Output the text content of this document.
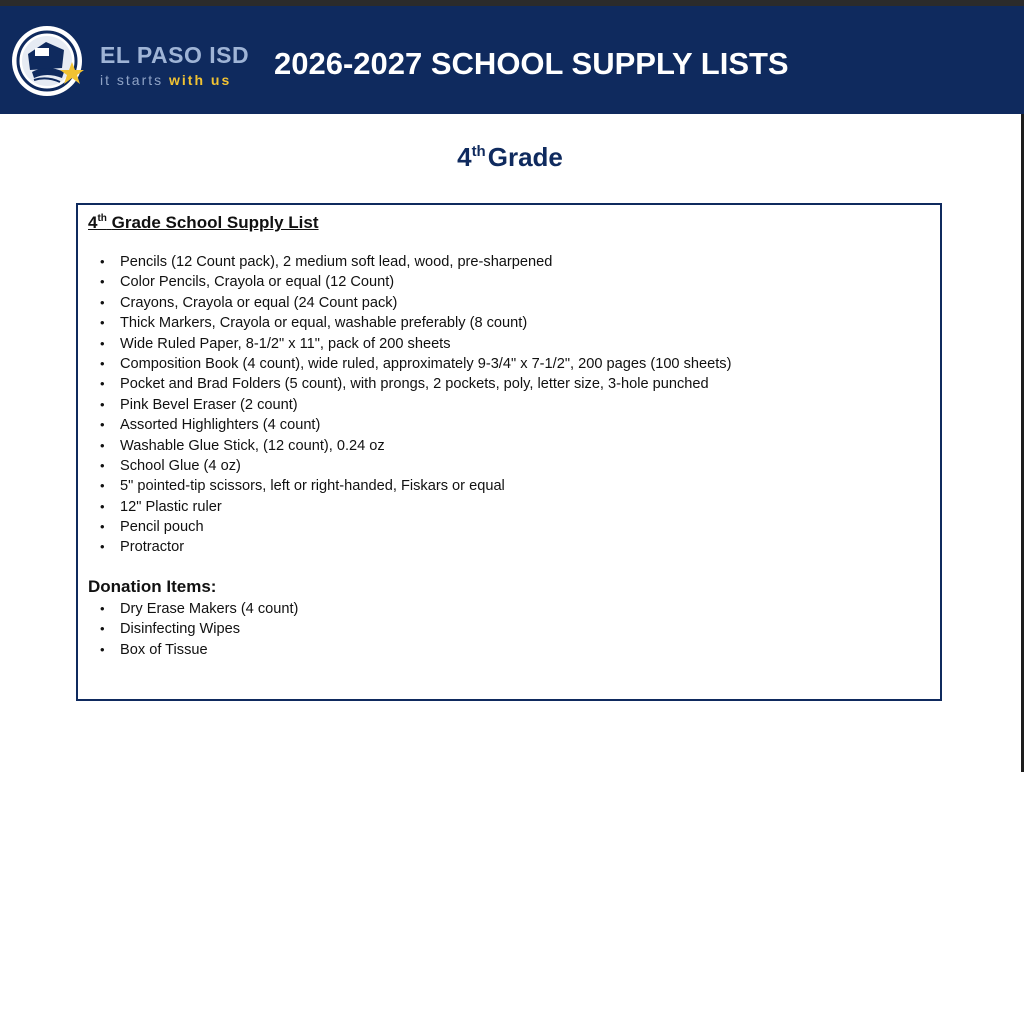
EL PASO ISD
it starts with us 2026-2027 SCHOOL SUPPLY LISTS
4thGrade
4th Grade School Supply List
• Pencils (12 Count pack), 2 medium soft lead, wood, pre-sharpened
• Color Pencils, Crayola or equal (12 Count)
• Crayons, Crayola or equal (24 Count pack)
• Thick Markers, Crayola or equal, washable preferably (8 count)
• Wide Ruled Paper, 8-1/2" x 11", pack of 200 sheets
• Composition Book (4 count), wide ruled, approximately 9-3/4" x 7-1/2", 200 pages (100 sheets)
• Pocket and Brad Folders (5 count), with prongs, 2 pockets, poly, letter size, 3-hole punched
• Pink Bevel Eraser (2 count)
• Assorted Highlighters (4 count)
• Washable Glue Stick, (12 count), 0.24 oz
• School Glue (4 oz)
• 5" pointed-tip scissors, left or right-handed, Fiskars or equal
• 12" Plastic ruler
• Pencil pouch
• Protractor
Donation Items:
• Dry Erase Makers (4 count)
• Disinfecting Wipes
• Box of Tissue
